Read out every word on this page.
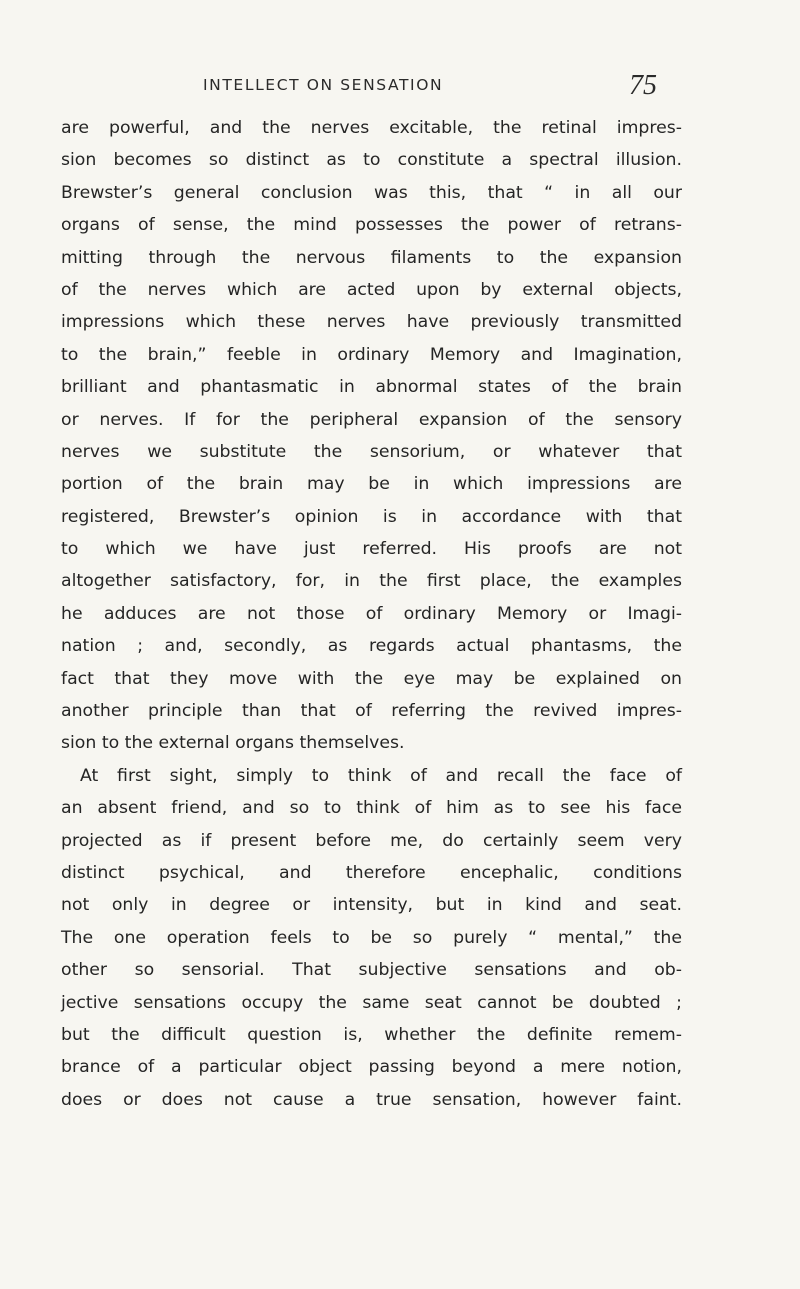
INTELLECT ON SENSATION	75
are powerful, and the nerves excitable, the retinal impres-
sion becomes so distinct as to constitute a spectral illusion.
Brewster’s general conclusion was this, that “ in all our
organs of sense, the mind possesses the power of retrans-
mitting through the nervous filaments to the expansion
of the nerves which are acted upon by external objects,
impressions which these nerves have previously transmitted
to the brain,” feeble in ordinary Memory and Imagination,
brilliant and phantasmatic in abnormal states of the brain
or nerves. If for the peripheral expansion of the sensory
nerves we substitute the sensorium, or whatever that
portion of the brain may be in which impressions are
registered, Brewster’s opinion is in accordance with that
to which we have just referred. His proofs are not
altogether satisfactory, for, in the first place, the examples
he adduces are not those of ordinary Memory or Imagi-
nation ; and, secondly, as regards actual phantasms, the
fact that they move with the eye may be explained on
another principle than that of referring the revived impres-
sion to the external organs themselves.
At first sight, simply to think of and recall the face of
an absent friend, and so to think of him as to see his face
projected as if present before me, do certainly seem very
distinct psychical, and therefore encephalic, conditions
not only in degree or intensity, but in kind and seat.
The one operation feels to be so purely “ mental,” the
other so sensorial. That subjective sensations and ob-
jective sensations occupy the same seat cannot be doubted ;
but the difficult question is, whether the definite remem-
brance of a particular object passing beyond a mere notion,
does or does not cause a true sensation, however faint.
